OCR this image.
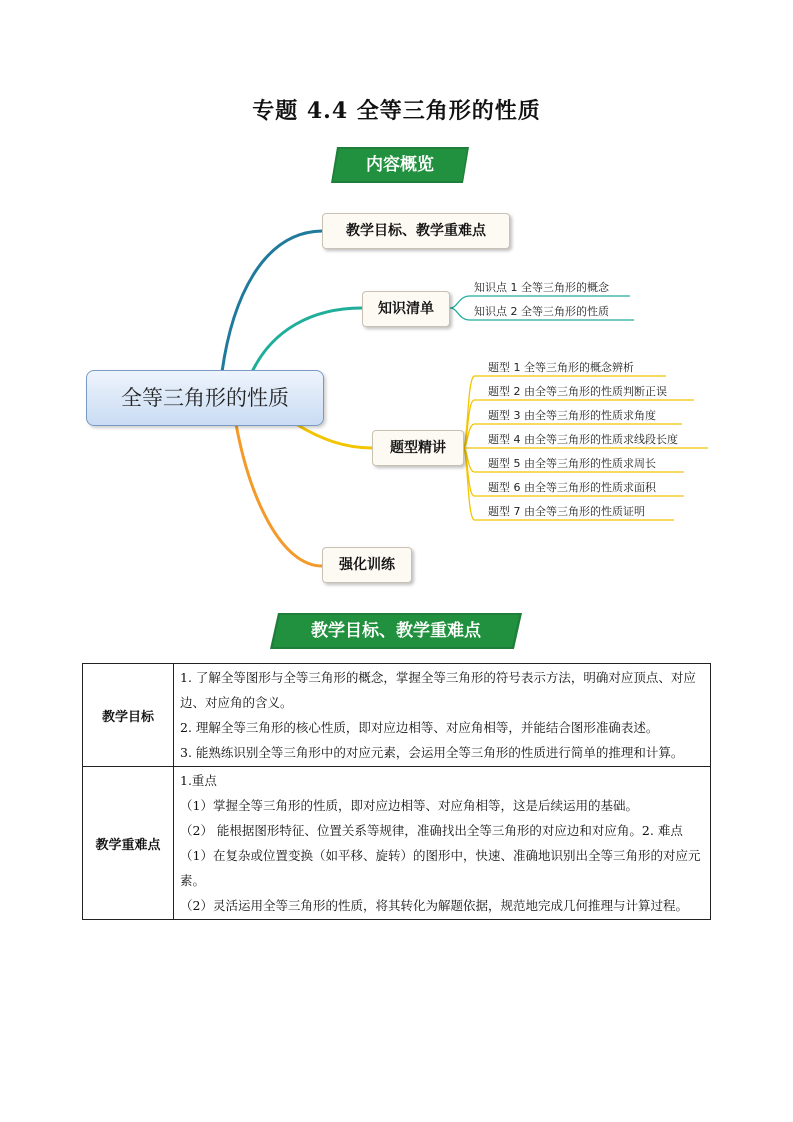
专题 4.4 全等三角形的性质
内容概览
全等三角形的性质
教学目标、教学重难点
知识清单
题型精讲
强化训练
知识点 1 全等三角形的概念
知识点 2 全等三角形的性质
题型 1 全等三角形的概念辨析
题型 2 由全等三角形的性质判断正误
题型 3 由全等三角形的性质求角度
题型 4 由全等三角形的性质求线段长度
题型 5 由全等三角形的性质求周长
题型 6 由全等三角形的性质求面积
题型 7 由全等三角形的性质证明
教学目标、教学重难点
教学目标	1. 了解全等图形与全等三角形的概念，掌握全等三角形的符号表示方法，明确对应顶点、对应边、对应角的含义。

2. 理解全等三角形的核心性质，即对应边相等、对应角相等，并能结合图形准确表述。

3. 能熟练识别全等三角形中的对应元素，会运用全等三角形的性质进行简单的推理和计算。

教学重难点	1.重点

（1）掌握全等三角形的性质，即对应边相等、对应角相等，这是后续运用的基础。

（2） 能根据图形特征、位置关系等规律，准确找出全等三角形的对应边和对应角。2. 难点

（1）在复杂或位置变换（如平移、旋转）的图形中，快速、准确地识别出全等三角形的对应元素。

（2）灵活运用全等三角形的性质，将其转化为解题依据，规范地完成几何推理与计算过程。
